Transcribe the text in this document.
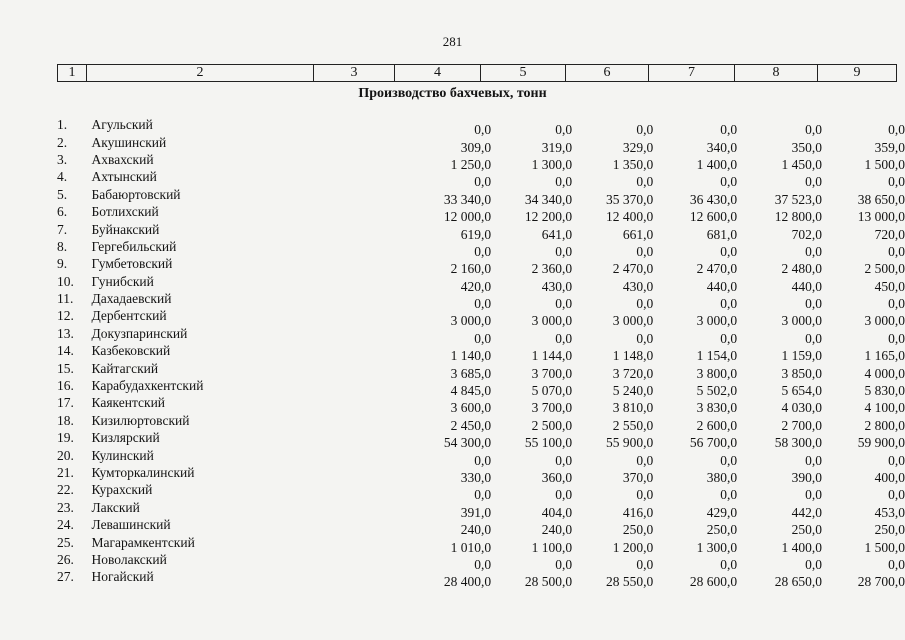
281
1	2	3	4	5	6	7	8	9
Производство бахчевых, тонн
1.	Агульский	0,0	0,0	0,0	0,0	0,0	0,0
2.	Акушинский	309,0	319,0	329,0	340,0	350,0	359,0
3.	Ахвахский	1 250,0	1 300,0	1 350,0	1 400,0	1 450,0	1 500,0
4.	Ахтынский	0,0	0,0	0,0	0,0	0,0	0,0
5.	Бабаюртовский	33 340,0	34 340,0	35 370,0	36 430,0	37 523,0	38 650,0
6.	Ботлихский	12 000,0	12 200,0	12 400,0	12 600,0	12 800,0	13 000,0
7.	Буйнакский	619,0	641,0	661,0	681,0	702,0	720,0
8.	Гергебильский	0,0	0,0	0,0	0,0	0,0	0,0
9.	Гумбетовский	2 160,0	2 360,0	2 470,0	2 470,0	2 480,0	2 500,0
10.	Гунибский	420,0	430,0	430,0	440,0	440,0	450,0
11.	Дахадаевский	0,0	0,0	0,0	0,0	0,0	0,0
12.	Дербентский	3 000,0	3 000,0	3 000,0	3 000,0	3 000,0	3 000,0
13.	Докузпаринский	0,0	0,0	0,0	0,0	0,0	0,0
14.	Казбековский	1 140,0	1 144,0	1 148,0	1 154,0	1 159,0	1 165,0
15.	Кайтагский	3 685,0	3 700,0	3 720,0	3 800,0	3 850,0	4 000,0
16.	Карабудахкентский	4 845,0	5 070,0	5 240,0	5 502,0	5 654,0	5 830,0
17.	Каякентский	3 600,0	3 700,0	3 810,0	3 830,0	4 030,0	4 100,0
18.	Кизилюртовский	2 450,0	2 500,0	2 550,0	2 600,0	2 700,0	2 800,0
19.	Кизлярский	54 300,0	55 100,0	55 900,0	56 700,0	58 300,0	59 900,0
20.	Кулинский	0,0	0,0	0,0	0,0	0,0	0,0
21.	Кумторкалинский	330,0	360,0	370,0	380,0	390,0	400,0
22.	Курахский	0,0	0,0	0,0	0,0	0,0	0,0
23.	Лакский	391,0	404,0	416,0	429,0	442,0	453,0
24.	Левашинский	240,0	240,0	250,0	250,0	250,0	250,0
25.	Магарамкентский	1 010,0	1 100,0	1 200,0	1 300,0	1 400,0	1 500,0
26.	Новолакский	0,0	0,0	0,0	0,0	0,0	0,0
27.	Ногайский	28 400,0	28 500,0	28 550,0	28 600,0	28 650,0	28 700,0
